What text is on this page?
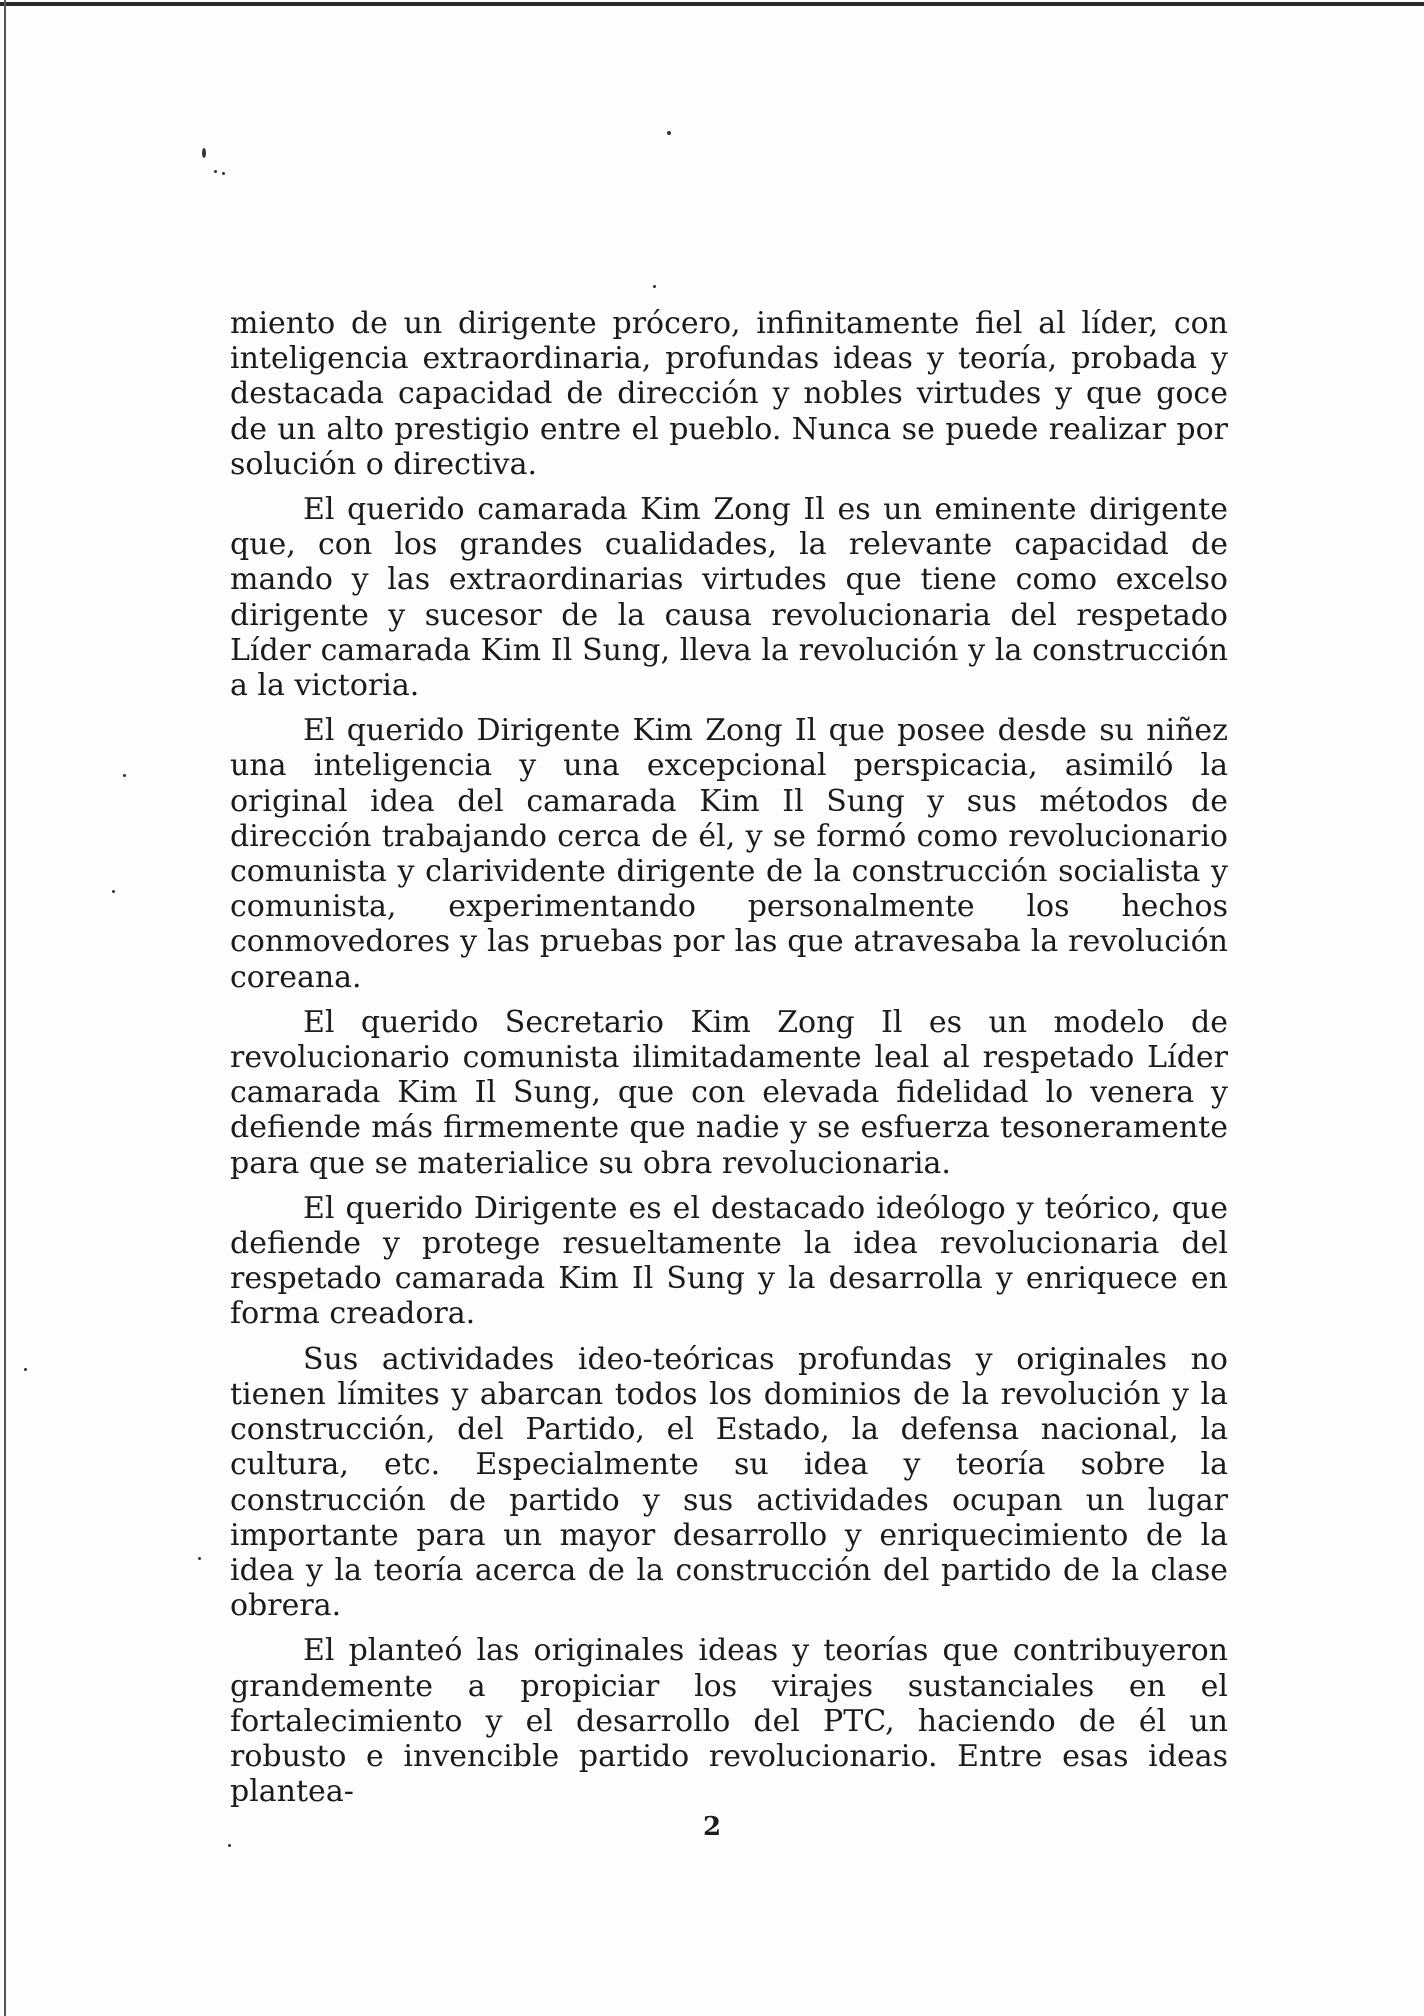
miento de un dirigente prócero, infinitamente fiel al líder, con inteligencia extraordinaria, profundas ideas y teoría, probada y destacada capacidad de dirección y nobles virtudes y que goce de un alto prestigio entre el pueblo. Nunca se puede realizar por solución o directiva.

El querido camarada Kim Zong Il es un eminente dirigente que, con los grandes cualidades, la relevante capacidad de mando y las extraordinarias virtudes que tiene como excelso dirigente y sucesor de la causa revolucionaria del respetado Líder camarada Kim Il Sung, lleva la revolución y la construcción a la victoria.

El querido Dirigente Kim Zong Il que posee desde su niñez una inteligencia y una excepcional perspicacia, asimiló la original idea del camarada Kim Il Sung y sus métodos de dirección trabajando cerca de él, y se formó como revolucionario comunista y clarividente dirigente de la construcción socialista y comunista, experimentando personalmente los hechos conmovedores y las pruebas por las que atravesaba la revolución coreana.

El querido Secretario Kim Zong Il es un modelo de revolucionario comunista ilimitadamente leal al respetado Líder camarada Kim Il Sung, que con elevada fidelidad lo venera y defiende más firmemente que nadie y se esfuerza tesoneramente para que se materialice su obra revolucionaria.

El querido Dirigente es el destacado ideólogo y teórico, que defiende y protege resueltamente la idea revolucionaria del respetado camarada Kim Il Sung y la desarrolla y enriquece en forma creadora.

Sus actividades ideo-teóricas profundas y originales no tienen límites y abarcan todos los dominios de la revolución y la construcción, del Partido, el Estado, la defensa nacional, la cultura, etc. Especialmente su idea y teoría sobre la construcción de partido y sus actividades ocupan un lugar importante para un mayor desarrollo y enriquecimiento de la idea y la teoría acerca de la construcción del partido de la clase obrera.

El planteó las originales ideas y teorías que contribuyeron grandemente a propiciar los virajes sustanciales en el fortalecimiento y el desarrollo del PTC, haciendo de él un robusto e invencible partido revolucionario. Entre esas ideas plantea-

2
